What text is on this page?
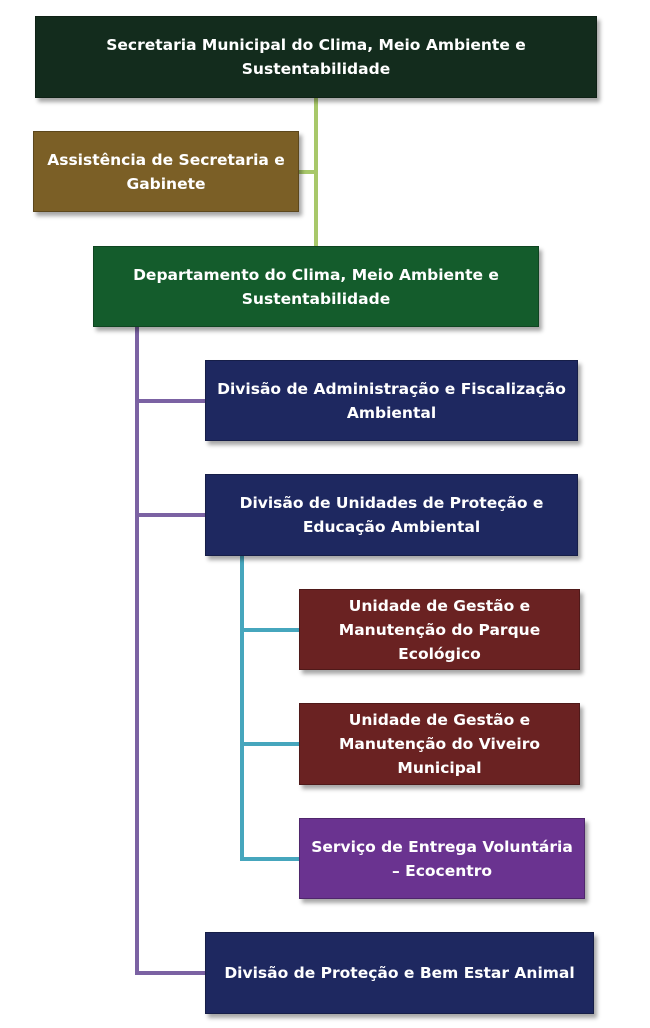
Secretaria Municipal do Clima, Meio Ambiente e Sustentabilidade
Assistência de Secretaria e Gabinete
Departamento do Clima, Meio Ambiente e Sustentabilidade
Divisão de Administração e Fiscalização Ambiental
Divisão de Unidades de Proteção e Educação Ambiental
Unidade de Gestão e Manutenção do Parque Ecológico
Unidade de Gestão e Manutenção do Viveiro Municipal
Serviço de Entrega Voluntária – Ecocentro
Divisão de Proteção e Bem Estar Animal
